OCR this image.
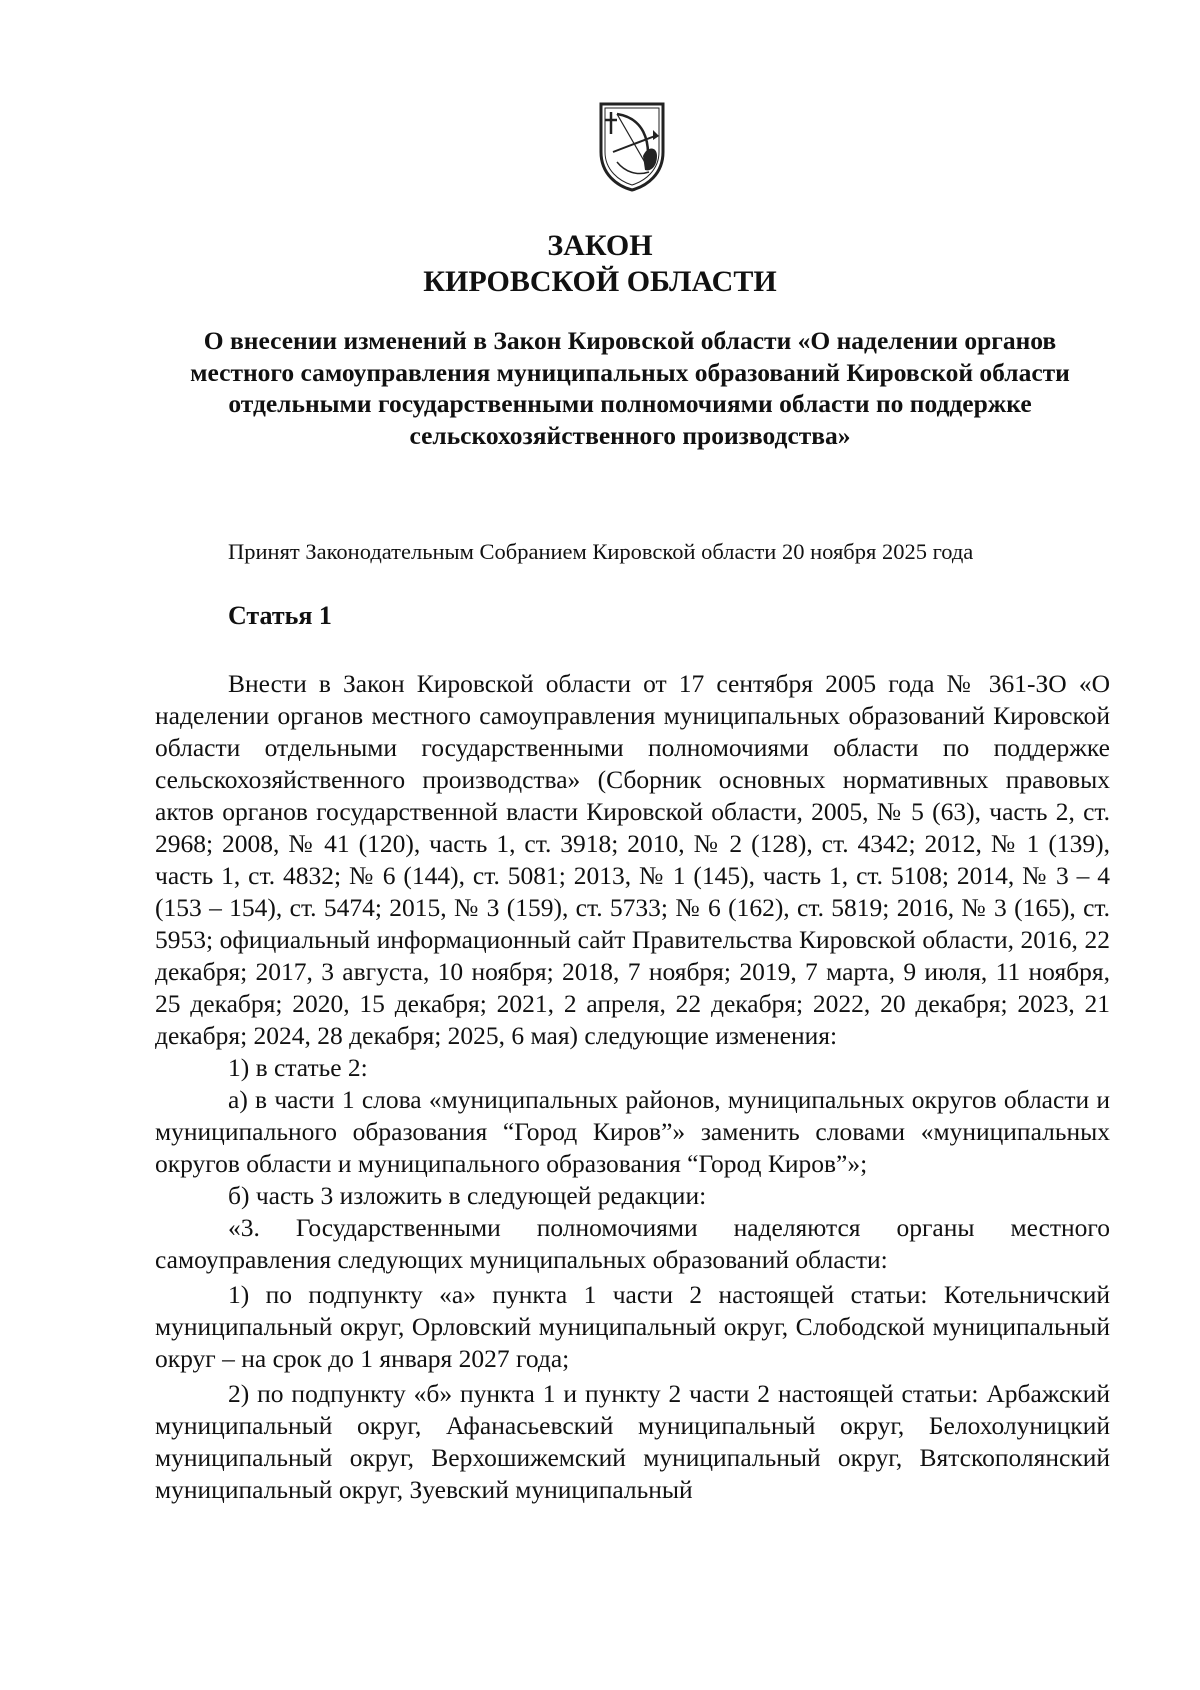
ЗАКОН
КИРОВСКОЙ ОБЛАСТИ
О внесении изменений в Закон Кировской области «О наделении органов местного самоуправления муниципальных образований Кировской области отдельными государственными полномочиями области по поддержке сельскохозяйственного производства»
Принят Законодательным Собранием Кировской области 20 ноября 2025 года
Статья 1

Внести в Закон Кировской области от 17 сентября 2005 года № 361-ЗО «О наделении органов местного самоуправления муниципальных образований Кировской области отдельными государственными полномочиями области по поддержке сельскохозяйственного производства» (Сборник основных нормативных правовых актов органов государственной власти Кировской области, 2005, № 5 (63), часть 2, ст. 2968; 2008, № 41 (120), часть 1, ст. 3918; 2010, № 2 (128), ст. 4342; 2012, № 1 (139), часть 1, ст. 4832; № 6 (144), ст. 5081; 2013, № 1 (145), часть 1, ст. 5108; 2014, № 3 – 4 (153 – 154), ст. 5474; 2015, № 3 (159), ст. 5733; № 6 (162), ст. 5819; 2016, № 3 (165), ст. 5953; официальный информационный сайт Правительства Кировской области, 2016, 22 декабря; 2017, 3 августа, 10 ноября; 2018, 7 ноября; 2019, 7 марта, 9 июля, 11 ноября, 25 декабря; 2020, 15 декабря; 2021, 2 апреля, 22 декабря; 2022, 20 декабря; 2023, 21 декабря; 2024, 28 декабря; 2025, 6 мая) следующие изменения:

1) в статье 2:

а) в части 1 слова «муниципальных районов, муниципальных округов области и муниципального образования “Город Киров”» заменить словами «муниципальных округов области и муниципального образования “Город Киров”»;

б) часть 3 изложить в следующей редакции:

«3. Государственными полномочиями наделяются органы местного самоуправления следующих муниципальных образований области:

1) по подпункту «а» пункта 1 части 2 настоящей статьи: Котельничский муниципальный округ, Орловский муниципальный округ, Слободской муниципальный округ – на срок до 1 января 2027 года;

2) по подпункту «б» пункта 1 и пункту 2 части 2 настоящей статьи: Арбажский муниципальный округ, Афанасьевский муниципальный округ, Белохолуницкий муниципальный округ, Верхошижемский муниципальный округ, Вятскополянский муниципальный округ, Зуевский муниципальный
